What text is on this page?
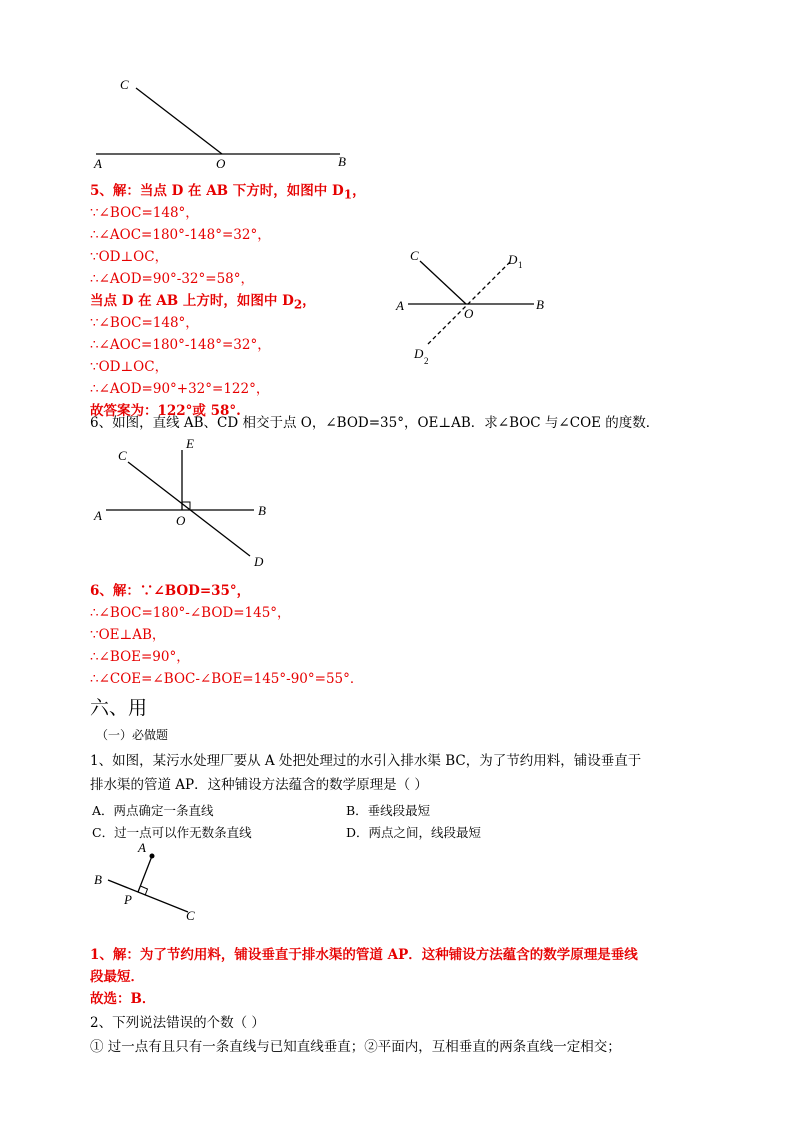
C
A	O	B
5、解：当点 D 在 AB 下方时，如图中 $D_1$，
∵∠BOC=148°，
∴∠AOC=180°-148°=32°，
∵OD⊥OC，
∴∠AOD=90°-32°=58°，
当点 D 在 AB 上方时，如图中 $D_2$，
∵∠BOC=148°，
∴∠AOC=180°-148°=32°，
∵OD⊥OC，
∴∠AOD=90°+32°=122°，
故答案为：122°或 58°.
C	D 1
A
O
B
D 2
6、如图，直线 AB、CD 相交于点 O，∠BOD=35°，OE⊥AB．求∠BOC 与∠COE 的度数．
C
E
A	O
B
D
6、解：∵∠BOD=35°，
∴∠BOC=180°-∠BOD=145°，
∵OE⊥AB，
∴∠BOE=90°，
∴∠COE=∠BOC-∠BOE=145°-90°=55°．
六、用
（一）必做题
1、如图，某污水处理厂要从 A 处把处理过的水引入排水渠 BC，为了节约用料，铺设垂直于
排水渠的管道 AP．这种铺设方法蕴含的数学原理是（ ）
A．两点确定一条直线	B．垂线段最短
C．过一点可以作无数条直线	D．两点之间，线段最短
A
B
P
C
1、解：为了节约用料，铺设垂直于排水渠的管道 AP．这种铺设方法蕴含的数学原理是垂线
段最短．
故选：B．
2、下列说法错误的个数（ ）
① 过一点有且只有一条直线与已知直线垂直；②平面内，互相垂直的两条直线一定相交；
